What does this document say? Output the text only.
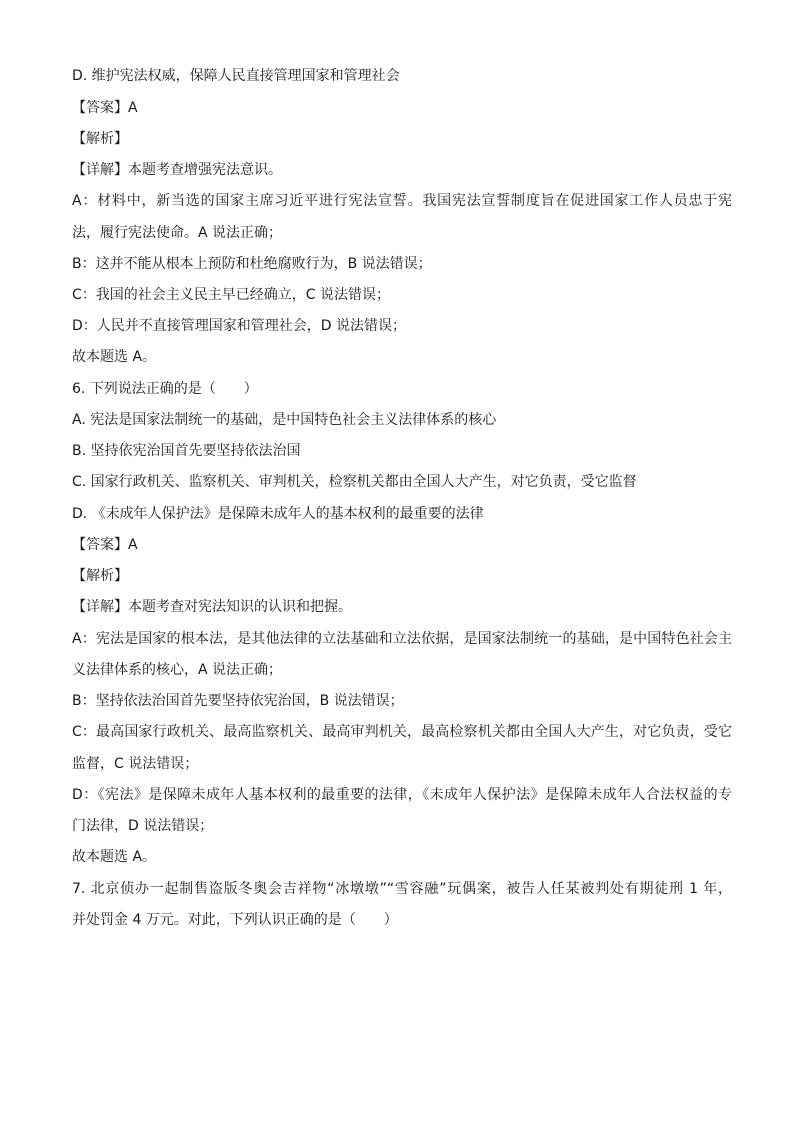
D. 维护宪法权威，保障人民直接管理国家和管理社会
【答案】A
【解析】
【详解】本题考查增强宪法意识。
A：材料中，新当选的国家主席习近平进行宪法宣誓。我国宪法宣誓制度旨在促进国家工作人员忠于宪
法，履行宪法使命。A 说法正确；
B：这并不能从根本上预防和杜绝腐败行为，B 说法错误；
C：我国的社会主义民主早已经确立，C 说法错误；
D：人民并不直接管理国家和管理社会，D 说法错误；
故本题选 A。
6. 下列说法正确的是（　　）
A. 宪法是国家法制统一的基础，是中国特色社会主义法律体系的核心
B. 坚持依宪治国首先要坚持依法治国
C. 国家行政机关、监察机关、审判机关，检察机关都由全国人大产生，对它负责，受它监督
D. 《未成年人保护法》是保障未成年人的基本权利的最重要的法律
【答案】A
【解析】
【详解】本题考查对宪法知识的认识和把握。
A：宪法是国家的根本法，是其他法律的立法基础和立法依据，是国家法制统一的基础，是中国特色社会主
义法律体系的核心，A 说法正确；
B：坚持依法治国首先要坚持依宪治国，B 说法错误；
C：最高国家行政机关、最高监察机关、最高审判机关，最高检察机关都由全国人大产生，对它负责，受它
监督，C 说法错误；
D：《宪法》是保障未成年人基本权利的最重要的法律，《未成年人保护法》是保障未成年人合法权益的专
门法律，D 说法错误；
故本题选 A。
7. 北京侦办一起制售盗版冬奥会吉祥物“冰墩墩”“雪容融”玩偶案，被告人任某被判处有期徒刑 1 年，
并处罚金 4 万元。对此，下列认识正确的是（　　）
